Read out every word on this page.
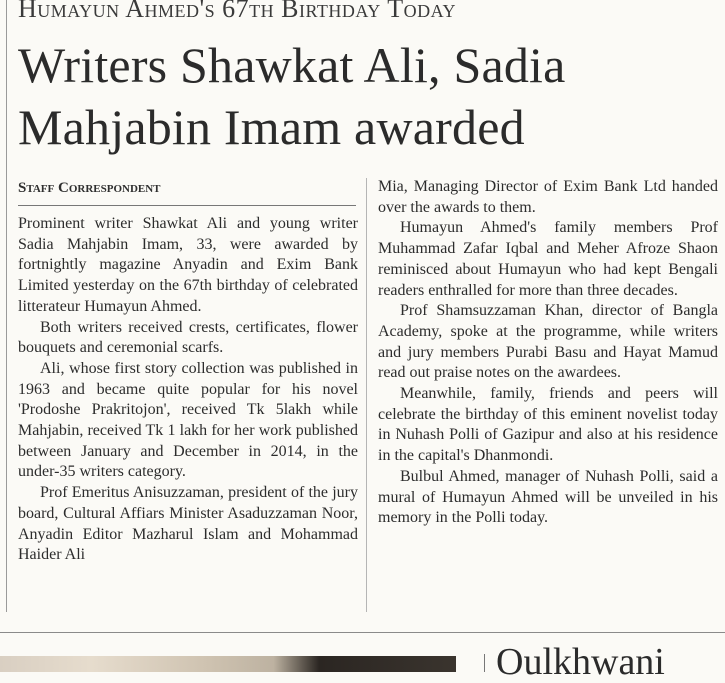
Humayun Ahmed's 67th Birthday Today
Writers Shawkat Ali, Sadia
Mahjabin Imam awarded
Staff Correspondent

Prominent writer Shawkat Ali and young writer Sadia Mahjabin Imam, 33, were awarded by fortnightly magazine Anyadin and Exim Bank Limited yesterday on the 67th birthday of celebrated litterateur Humayun Ahmed.

Both writers received crests, certificates, flower bouquets and ceremonial scarfs.

Ali, whose first story collection was published in 1963 and became quite popular for his novel 'Prodoshe Prakritojon', received Tk 5lakh while Mahjabin, received Tk 1 lakh for her work published between January and December in 2014, in the under-35 writers category.

Prof Emeritus Anisuzzaman, president of the jury board, Cultural Affiars Minister Asaduzzaman Noor, Anyadin Editor Mazharul Islam and Mohammad Haider Ali

Mia, Managing Director of Exim Bank Ltd handed over the awards to them.

Humayun Ahmed's family members Prof Muhammad Zafar Iqbal and Meher Afroze Shaon reminisced about Humayun who had kept Bengali readers enthralled for more than three decades.

Prof Shamsuzzaman Khan, director of Bangla Academy, spoke at the programme, while writers and jury members Purabi Basu and Hayat Mamud read out praise notes on the awardees.

Meanwhile, family, friends and peers will celebrate the birthday of this eminent novelist today in Nuhash Polli of Gazipur and also at his residence in the capital's Dhanmondi.

Bulbul Ahmed, manager of Nuhash Polli, said a mural of Humayun Ahmed will be unveiled in his memory in the Polli today.

Oulkhwani
